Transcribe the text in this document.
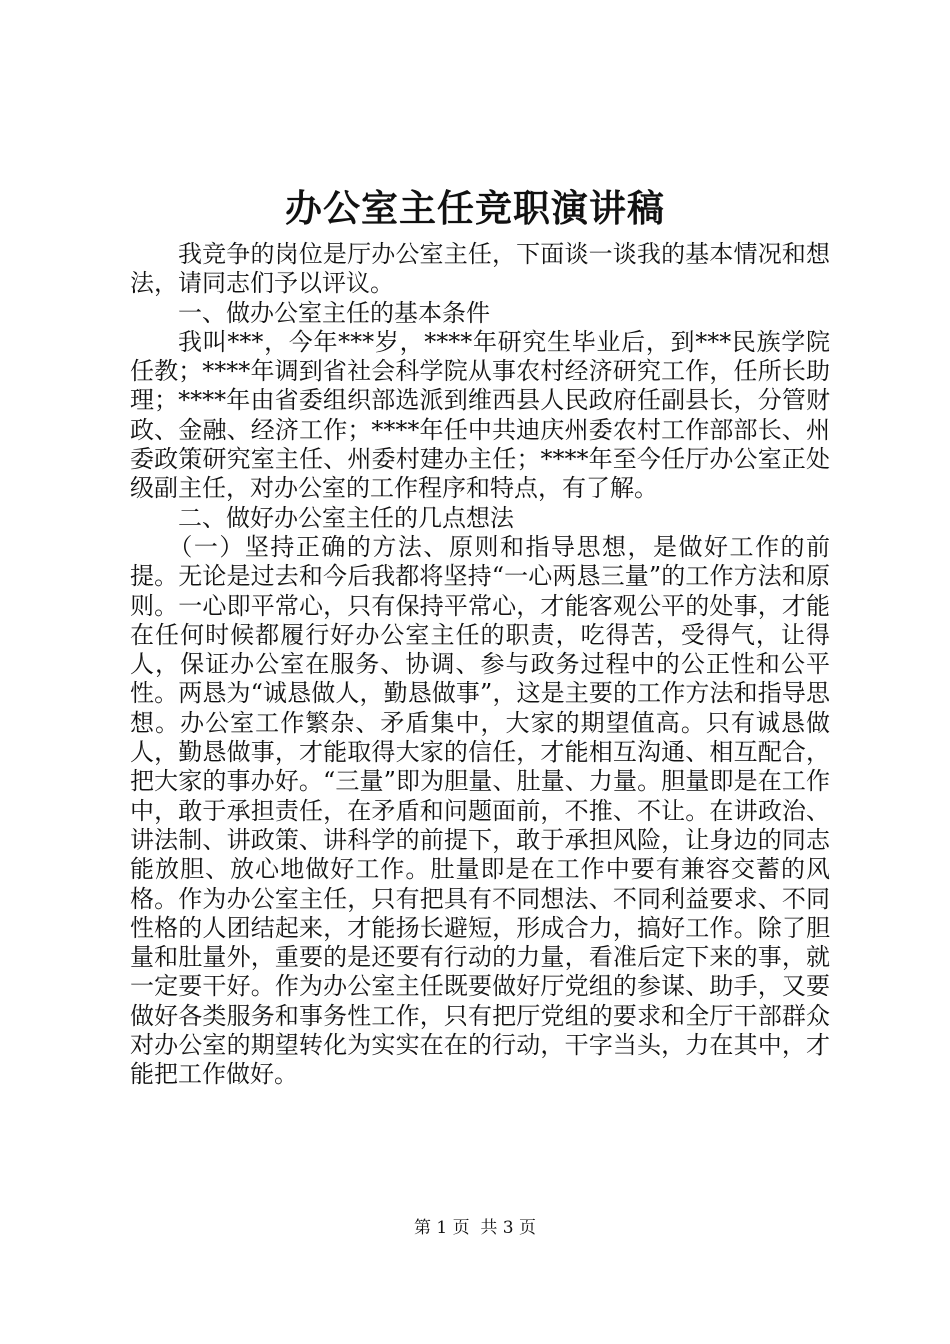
办公室主任竞职演讲稿

我竞争的岗位是厅办公室主任，下面谈一谈我的基本情况和想法，请同志们予以评议。

一、做办公室主任的基本条件

我叫***，今年***岁，****年研究生毕业后，到***民族学院任教；****年调到省社会科学院从事农村经济研究工作，任所长助理；****年由省委组织部选派到维西县人民政府任副县长，分管财政、金融、经济工作；****年任中共迪庆州委农村工作部部长、州委政策研究室主任、州委村建办主任；****年至今任厅办公室正处级副主任，对办公室的工作程序和特点，有了解。

二、做好办公室主任的几点想法

（一）坚持正确的方法、原则和指导思想，是做好工作的前提。无论是过去和今后我都将坚持“一心两恳三量”的工作方法和原则。一心即平常心，只有保持平常心，才能客观公平的处事，才能在任何时候都履行好办公室主任的职责，吃得苦，受得气，让得人，保证办公室在服务、协调、参与政务过程中的公正性和公平性。两恳为“诚恳做人，勤恳做事”，这是主要的工作方法和指导思想。办公室工作繁杂、矛盾集中，大家的期望值高。只有诚恳做人，勤恳做事，才能取得大家的信任，才能相互沟通、相互配合，把大家的事办好。“三量”即为胆量、肚量、力量。胆量即是在工作中，敢于承担责任，在矛盾和问题面前，不推、不让。在讲政治、讲法制、讲政策、讲科学的前提下，敢于承担风险，让身边的同志能放胆、放心地做好工作。肚量即是在工作中要有兼容交蓄的风格。作为办公室主任，只有把具有不同想法、不同利益要求、不同性格的人团结起来，才能扬长避短，形成合力，搞好工作。除了胆量和肚量外，重要的是还要有行动的力量，看准后定下来的事，就一定要干好。作为办公室主任既要做好厅党组的参谋、助手，又要做好各类服务和事务性工作，只有把厅党组的要求和全厅干部群众对办公室的期望转化为实实在在的行动，干字当头，力在其中，才能把工作做好。

第 1 页  共 3 页
